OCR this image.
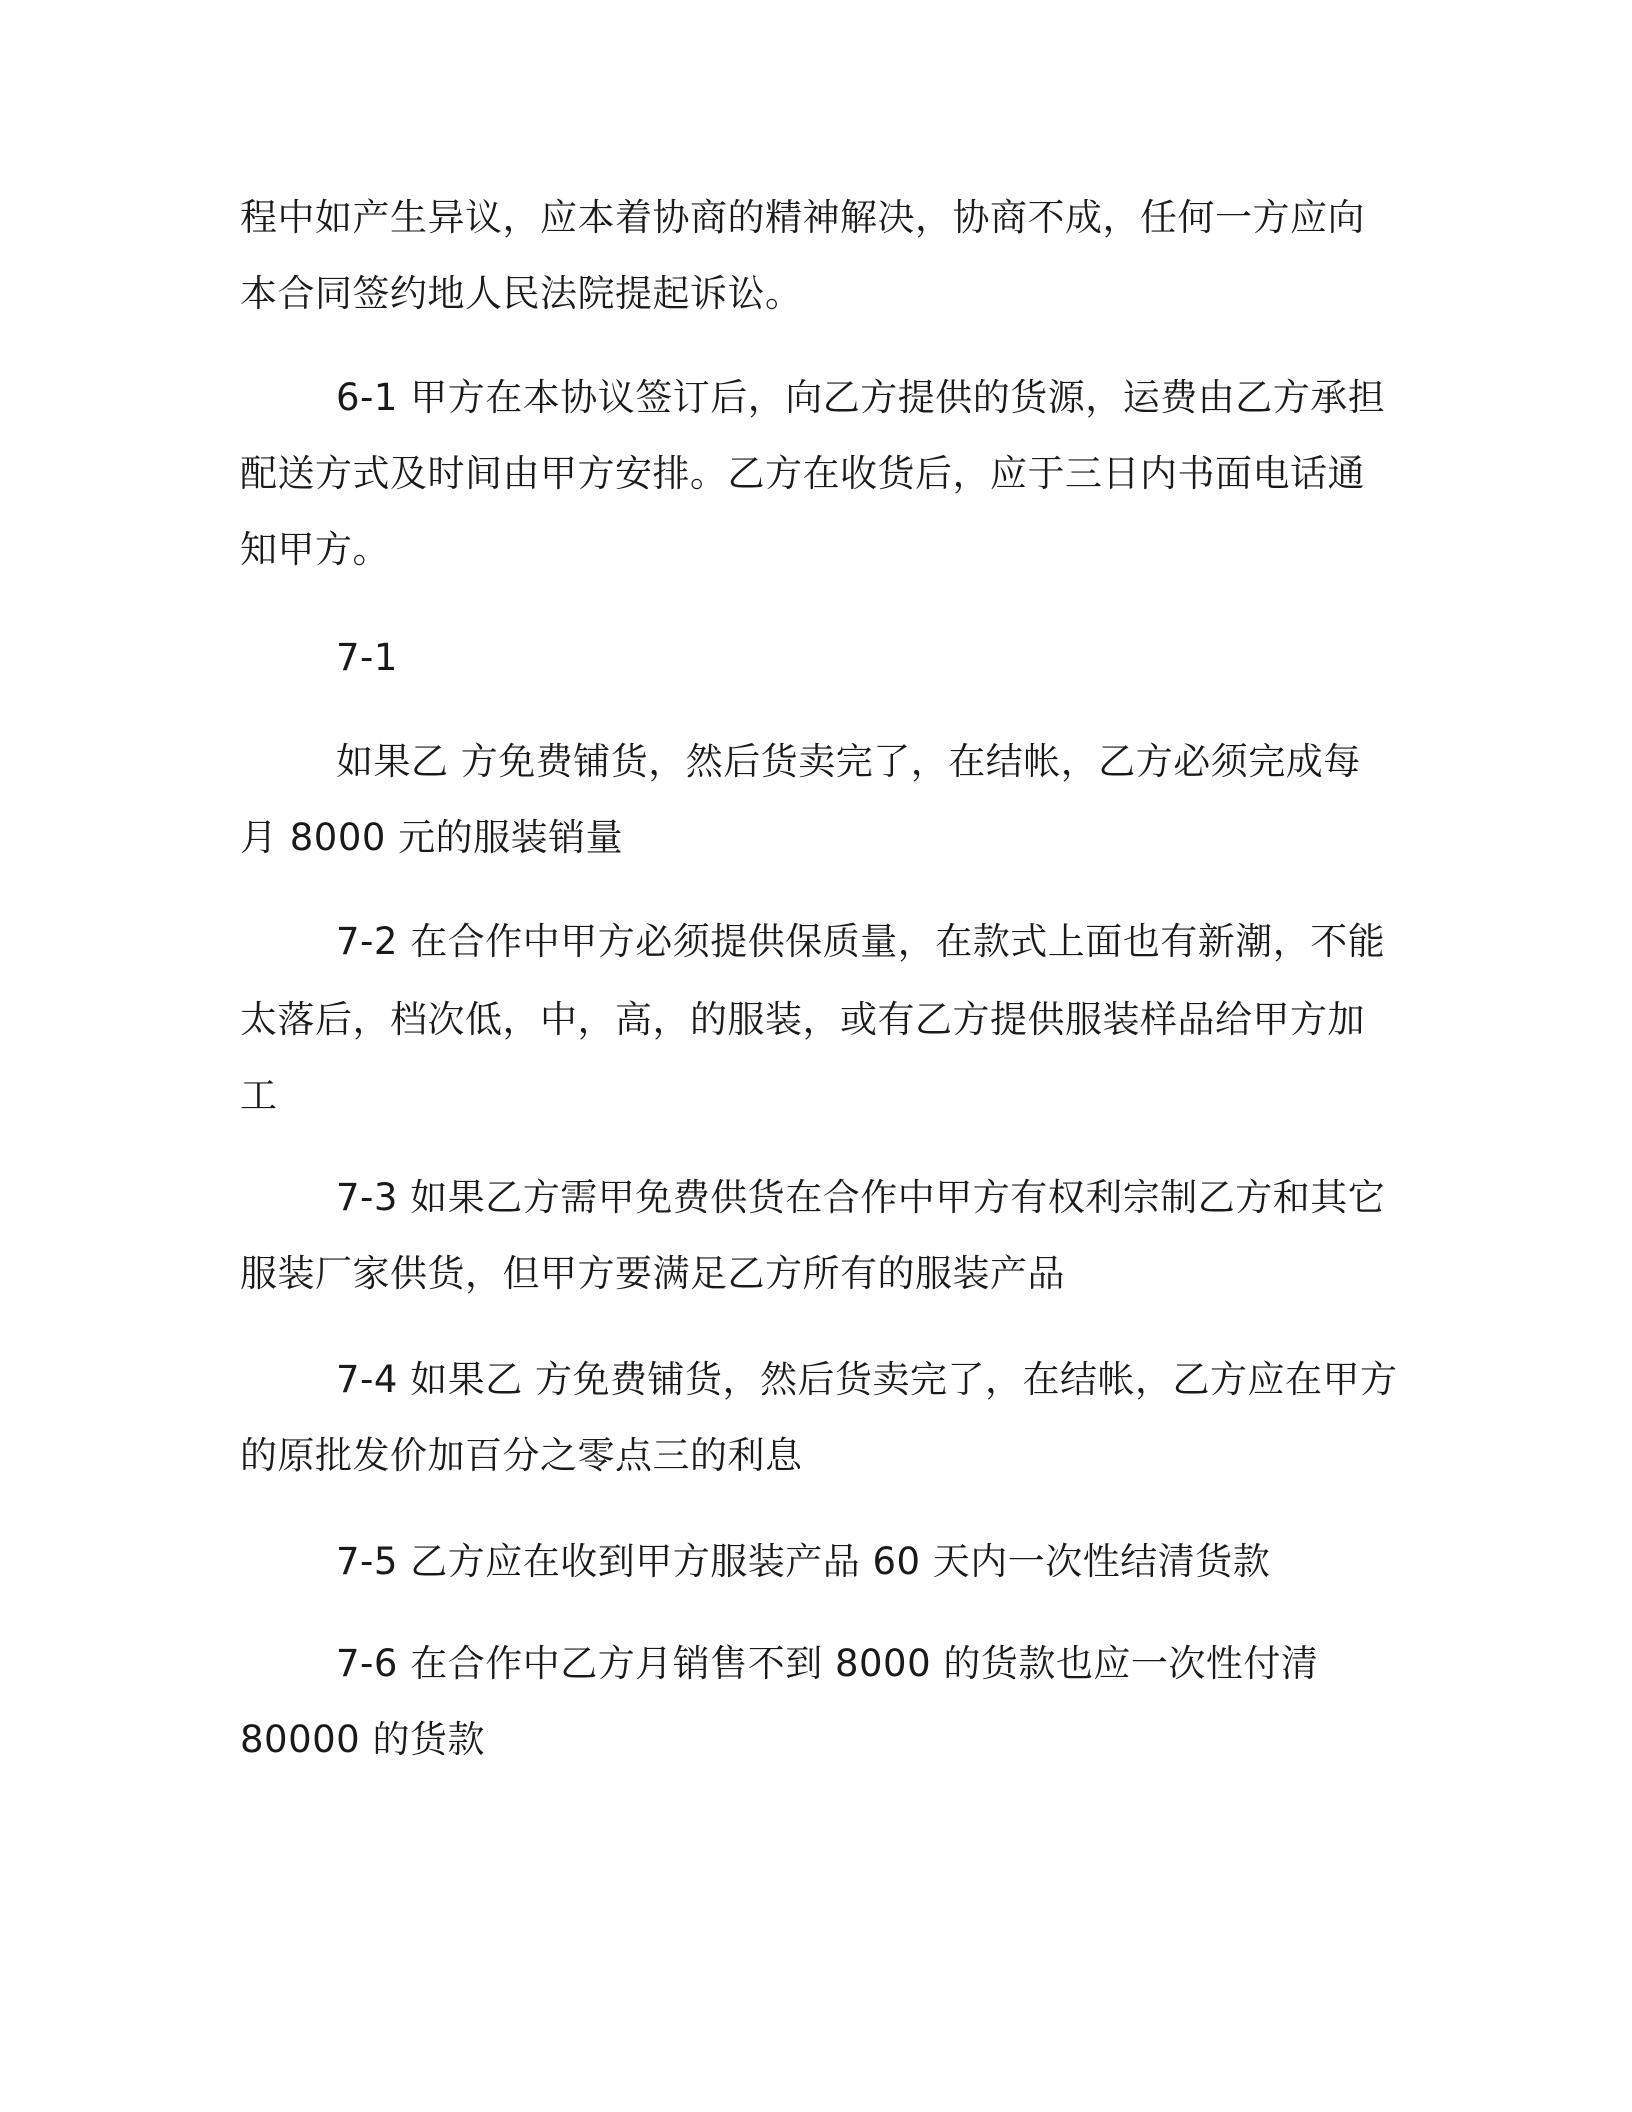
程中如产生异议，应本着协商的精神解决，协商不成，任何一方应向

本合同签约地人民法院提起诉讼。

6-1 甲方在本协议签订后，向乙方提供的货源，运费由乙方承担

配送方式及时间由甲方安排。乙方在收货后，应于三日内书面电话通

知甲方。

7-1

如果乙 方免费铺货，然后货卖完了，在结帐，乙方必须完成每

月 8000 元的服装销量

7-2 在合作中甲方必须提供保质量，在款式上面也有新潮，不能

太落后，档次低，中，高，的服装，或有乙方提供服装样品给甲方加

工

7-3 如果乙方需甲免费供货在合作中甲方有权利宗制乙方和其它

服装厂家供货，但甲方要满足乙方所有的服装产品

7-4 如果乙 方免费铺货，然后货卖完了，在结帐，乙方应在甲方

的原批发价加百分之零点三的利息

7-5 乙方应在收到甲方服装产品 60 天内一次性结清货款

7-6 在合作中乙方月销售不到 8000 的货款也应一次性付清

80000 的货款
